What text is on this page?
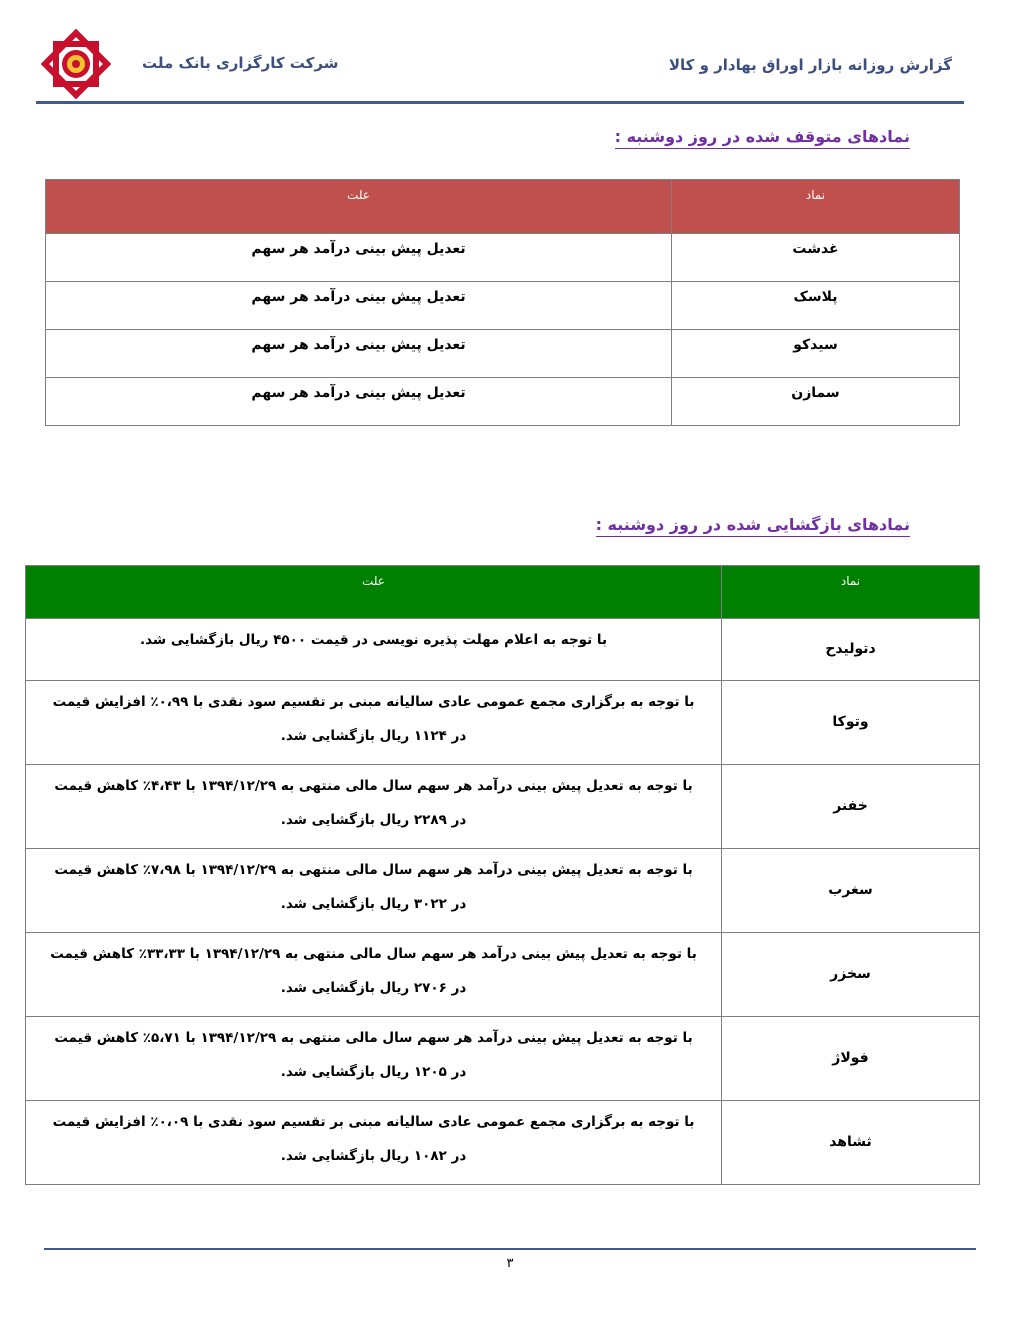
گزارش روزانه بازار اوراق بهادار و کالا
شرکت کارگزاری بانک ملت
نمادهای متوقف شده در روز دوشنبه :
نماد	علت
غدشت	تعدیل پیش بینی درآمد هر سهم
پلاسک	تعدیل پیش بینی درآمد هر سهم
سیدکو	تعدیل پیش بینی درآمد هر سهم
سمازن	تعدیل پیش بینی درآمد هر سهم
نمادهای بازگشایی شده در روز دوشنبه :
نماد	علت
دتولیدح	با توجه به اعلام مهلت پذیره نویسی در قیمت ۴۵۰۰ ریال بازگشایی شد.
وتوکا	با توجه به برگزاری مجمع عمومی عادی سالیانه مبنی بر تقسیم سود نقدی با ۰،۹۹٪ افزایش قیمت در ۱۱۲۴ ریال بازگشایی شد.
خفنر	با توجه به تعدیل پیش بینی درآمد هر سهم سال مالی منتهی به ۱۳۹۴/۱۲/۲۹ با ۴،۴۳٪ کاهش قیمت در ۲۲۸۹ ریال بازگشایی شد.
سغرب	با توجه به تعدیل پیش بینی درآمد هر سهم سال مالی منتهی به ۱۳۹۴/۱۲/۲۹ با ۷،۹۸٪ کاهش قیمت در ۳۰۲۲ ریال بازگشایی شد.
سخزر	با توجه به تعدیل پیش بینی درآمد هر سهم سال مالی منتهی به ۱۳۹۴/۱۲/۲۹ با ۳۳،۳۳٪ کاهش قیمت در ۲۷۰۶ ریال بازگشایی شد.
فولاژ	با توجه به تعدیل پیش بینی درآمد هر سهم سال مالی منتهی به ۱۳۹۴/۱۲/۲۹ با ۵،۷۱٪ کاهش قیمت در ۱۲۰۵ ریال بازگشایی شد.
ثشاهد	با توجه به برگزاری مجمع عمومی عادی سالیانه مبنی بر تقسیم سود نقدی با ۰،۰۹٪ افزایش قیمت در ۱۰۸۲ ریال بازگشایی شد.
۳
